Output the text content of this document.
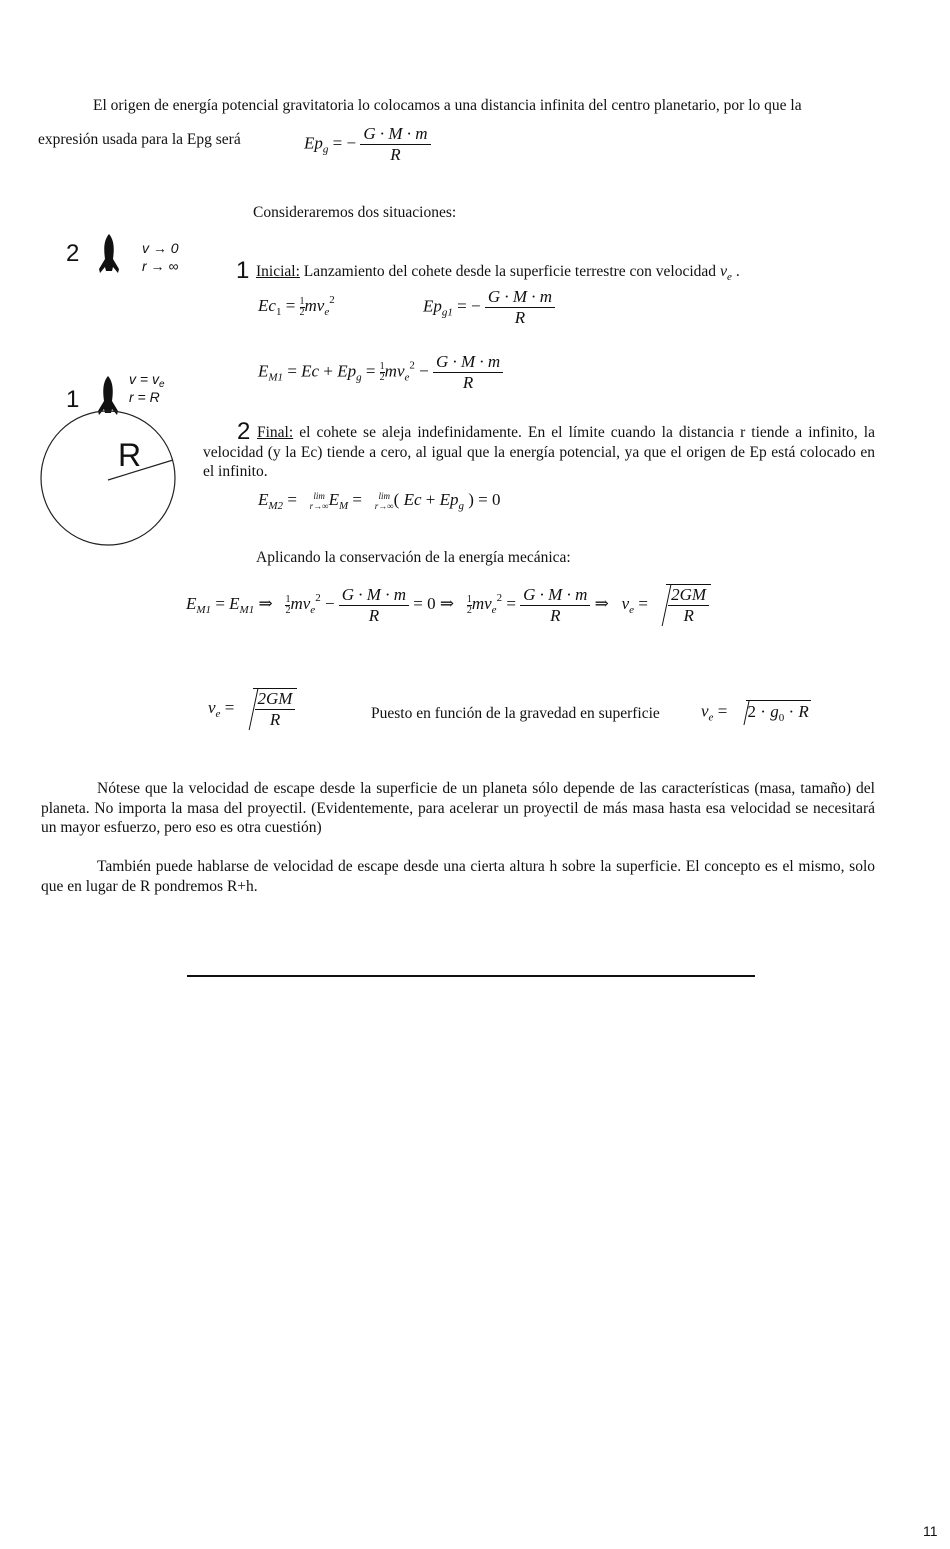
El origen de energía potencial gravitatoria lo colocamos a una distancia infinita del centro planetario, por lo que la
expresión usada para la Epg será	$Ep_g$ = − $\frac{G \cdot M \cdot m}{R}$
Consideraremos dos situaciones:
2	v → 0
r → ∞
1
$v = v_e$
r = R
R
1 Inicial: Lanzamiento del cohete desde la superficie terrestre con velocidad $v_e$ .
$Ec_1 = \frac{1}{2} mv_e^2$	$Ep_{g1}$ = − $\frac{G \cdot M \cdot m}{R}$
$E_{M1} = Ec + Ep_g = \frac{1}{2} mv_e^2 - \frac{G \cdot M \cdot m}{R}$
2 Final: el cohete se aleja indefinidamente. En el límite cuando la distancia r tiende a infinito, la velocidad (y la Ec) tiende a cero, al igual que la energía potencial, ya que el origen de Ep está colocado en el infinito.
$E_{M2} = \lim$
r→∞ $E_M = \lim$
r→∞ ( $Ec + Ep_g$ ) = 0
Aplicando la conservación de la energía mecánica:
$E_{M1} = E_{M1}$ ⇒ $\frac{1}{2} mv_e^2 - \frac{G \cdot M \cdot m}{R} = 0$ ⇒ $\frac{1}{2} mv_e^2 = \frac{G \cdot M \cdot m}{R}$ ⇒   $v_e = \frac{2GM}{R}$
$v_e = \frac{2GM}{R}$	Puesto en función de la gravedad en superficie $v_e = 2 \cdot g_0 \cdot R$
Nótese que la velocidad de escape desde la superficie de un planeta sólo depende de las características (masa, tamaño) del planeta. No importa la masa del proyectil. (Evidentemente, para acelerar un proyectil de más masa hasta esa velocidad se necesitará un mayor esfuerzo, pero eso es otra cuestión)
También puede hablarse de velocidad de escape desde una cierta altura h sobre la superficie. El concepto es el mismo, solo que en lugar de R pondremos R+h.
11
